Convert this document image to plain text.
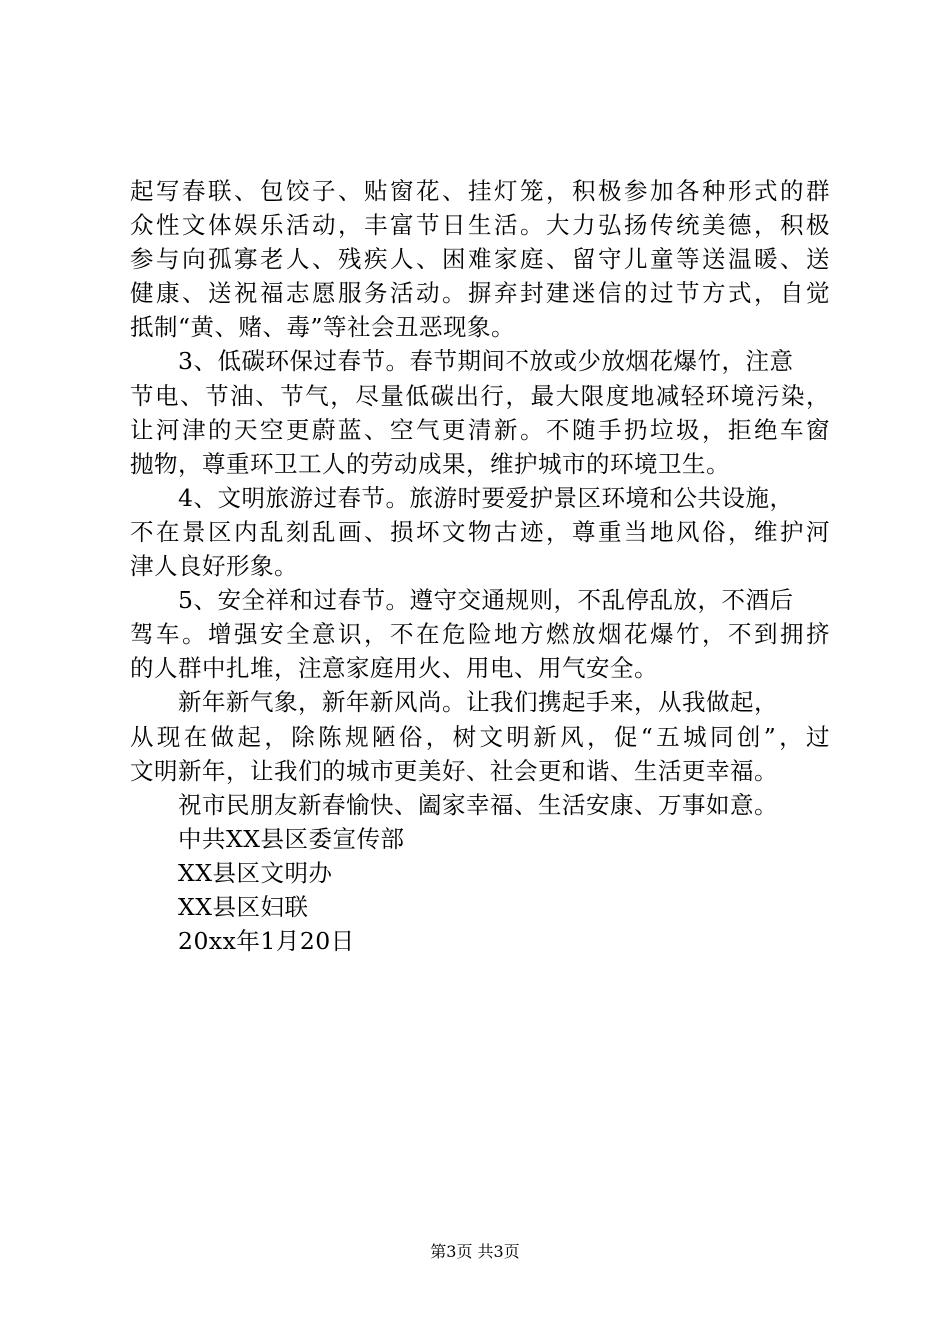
起写春联、包饺子、贴窗花、挂灯笼，积极参加各种形式的群
众性文体娱乐活动，丰富节日生活。大力弘扬传统美德，积极
参与向孤寡老人、残疾人、困难家庭、留守儿童等送温暖、送
健康、送祝福志愿服务活动。摒弃封建迷信的过节方式，自觉
抵制“黄、赌、毒”等社会丑恶现象。
3、低碳环保过春节。春节期间不放或少放烟花爆竹，注意
节电、节油、节气，尽量低碳出行，最大限度地减轻环境污染，
让河津的天空更蔚蓝、空气更清新。不随手扔垃圾，拒绝车窗
抛物，尊重环卫工人的劳动成果，维护城市的环境卫生。
4、文明旅游过春节。旅游时要爱护景区环境和公共设施，
不在景区内乱刻乱画、损坏文物古迹，尊重当地风俗，维护河
津人良好形象。
5、安全祥和过春节。遵守交通规则，不乱停乱放，不酒后
驾车。增强安全意识，不在危险地方燃放烟花爆竹，不到拥挤
的人群中扎堆，注意家庭用火、用电、用气安全。
新年新气象，新年新风尚。让我们携起手来，从我做起，
从现在做起，除陈规陋俗，树文明新风，促“五城同创”，过
文明新年，让我们的城市更美好、社会更和谐、生活更幸福。
祝市民朋友新春愉快、阖家幸福、生活安康、万事如意。
中共XX县区委宣传部
XX县区文明办
XX县区妇联
20xx年1月20日
第3页 共3页
